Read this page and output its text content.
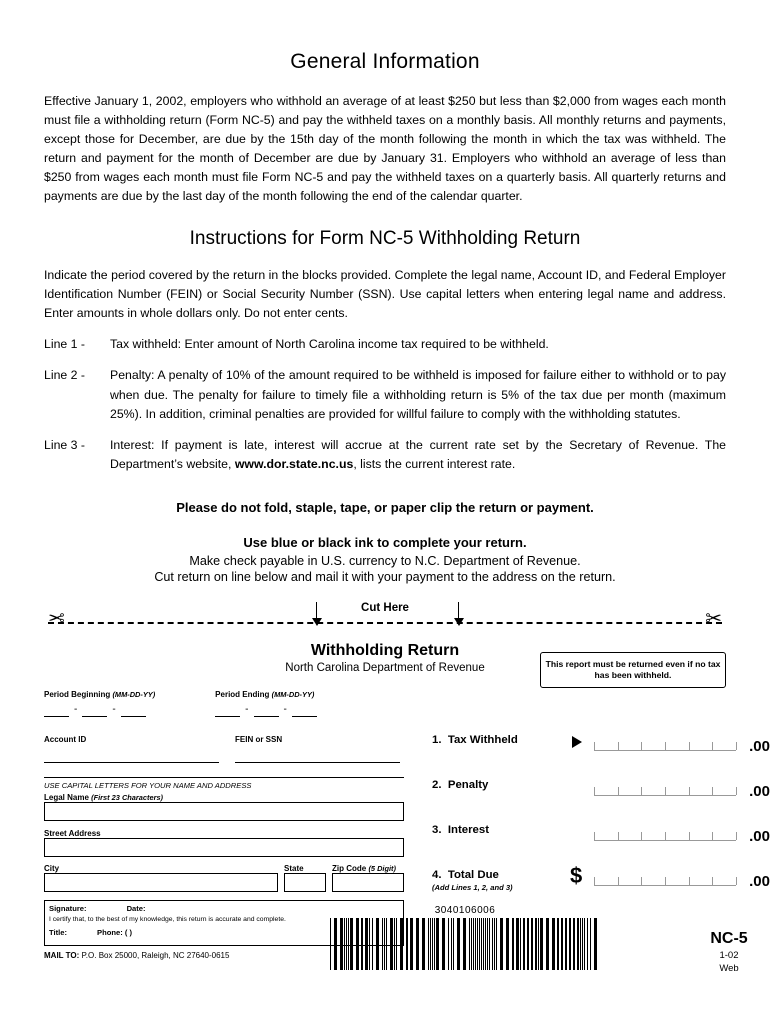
General Information

Effective January 1, 2002, employers who withhold an average of at least $250 but less than $2,000 from wages each month must file a withholding return (Form NC-5) and pay the withheld taxes on a monthly basis. All monthly returns and payments, except those for December, are due by the 15th day of the month following the month in which the tax was withheld. The return and payment for the month of December are due by January 31. Employers who withhold an average of less than $250 from wages each month must file Form NC-5 and pay the withheld taxes on a quarterly basis. All quarterly returns and payments are due by the last day of the month following the end of the calendar quarter.

Instructions for Form NC-5 Withholding Return

Indicate the period covered by the return in the blocks provided. Complete the legal name, Account ID, and Federal Employer Identification Number (FEIN) or Social Security Number (SSN). Use capital letters when entering legal name and address. Enter amounts in whole dollars only. Do not enter cents.

Line 1 -	Tax withheld: Enter amount of North Carolina income tax required to be withheld.
Line 2 -	Penalty: A penalty of 10% of the amount required to be withheld is imposed for failure either to withhold or to pay when due. The penalty for failure to timely file a withholding return is 5% of the tax due per month (maximum 25%). In addition, criminal penalties are provided for willful failure to comply with the withholding statutes.
Line 3 -	Interest: If payment is late, interest will accrue at the current rate set by the Secretary of Revenue. The Department’s website, www.dor.state.nc.us, lists the current interest rate.
Please do not fold, staple, tape, or paper clip the return or payment.
Use blue or black ink to complete your return.
Make check payable in U.S. currency to N.C. Department of Revenue.
Cut return on line below and mail it with your payment to the address on the return.
✂	✂
Cut Here
Withholding Return
North Carolina Department of Revenue	This report must be returned even if no tax has been withheld.
Period Beginning (MM-DD-YY)
-	-
Period Ending (MM-DD-YY)
-	-
Account ID	FEIN or SSN
USE CAPITAL LETTERS FOR YOUR NAME AND ADDRESS
Legal Name (First 23 Characters)
Street Address
City	State	Zip Code (5 Digit)
Signature:	Date:
I certify that, to the best of my knowledge, this return is accurate and complete.
Title:	Phone: ( )
MAIL TO: P.O. Box 25000, Raleigh, NC 27640-0615
1. Tax Withheld	.00
2. Penalty	.00
3. Interest	.00
4. Total Due
(Add Lines 1, 2, and 3)	$	.00
3040106006
NC-5
1-02
Web
